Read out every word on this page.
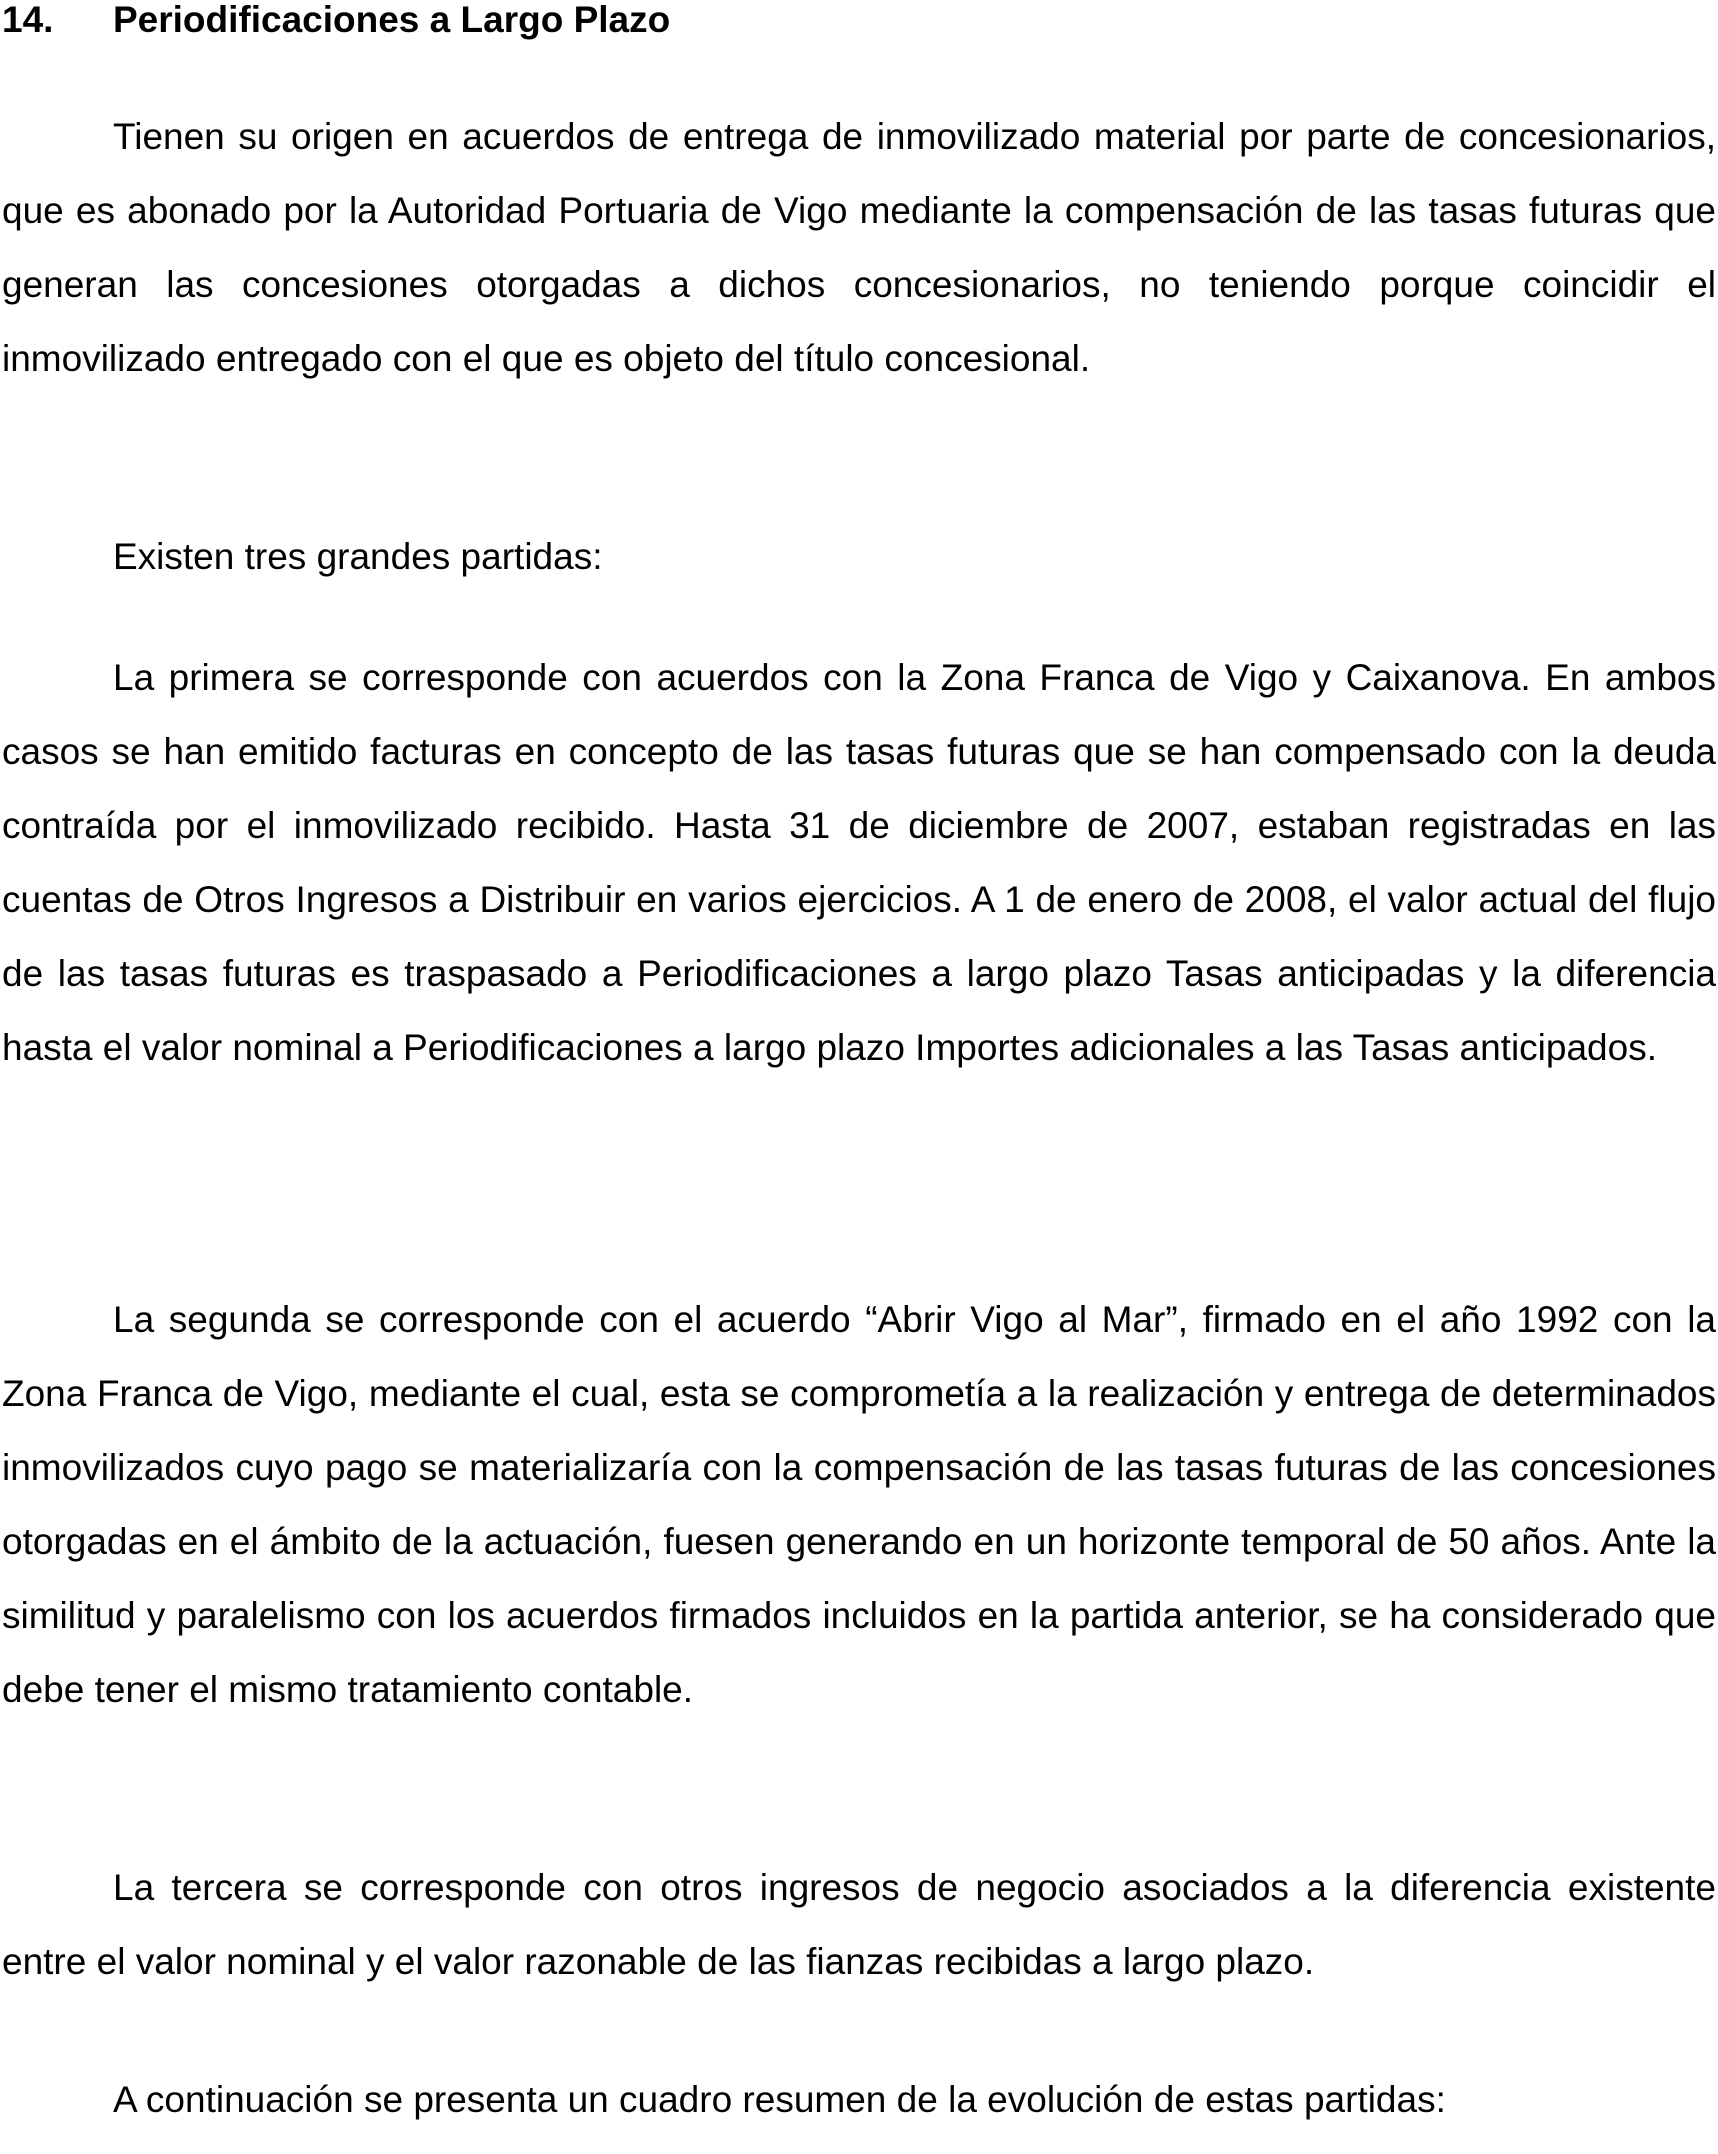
14. Periodificaciones a Largo Plazo

Tienen su origen en acuerdos de entrega de inmovilizado material por parte de concesionarios, que es abonado por la Autoridad Portuaria de Vigo mediante la compensación de las tasas futuras que generan las concesiones otorgadas a dichos concesionarios, no teniendo porque coincidir el inmovilizado entregado con el que es objeto del título concesional.

Existen tres grandes partidas:

La primera se corresponde con acuerdos con la Zona Franca de Vigo y Caixanova. En ambos casos se han emitido facturas en concepto de las tasas futuras que se han compensado con la deuda contraída por el inmovilizado recibido. Hasta 31 de diciembre de 2007, estaban registradas en las cuentas de Otros Ingresos a Distribuir en varios ejercicios. A 1 de enero de 2008, el valor actual del flujo de las tasas futuras es traspasado a Periodificaciones a largo plazo Tasas anticipadas y la diferencia hasta el valor nominal a Periodificaciones a largo plazo Importes adicionales a las Tasas anticipados.

La segunda se corresponde con el acuerdo “Abrir Vigo al Mar”, firmado en el año 1992 con la Zona Franca de Vigo, mediante el cual, esta se comprometía a la realización y entrega de determinados inmovilizados cuyo pago se materializaría con la compensación de las tasas futuras de las concesiones otorgadas en el ámbito de la actuación, fuesen generando en un horizonte temporal de 50 años. Ante la similitud y paralelismo con los acuerdos firmados incluidos en la partida anterior, se ha considerado que debe tener el mismo tratamiento contable.

La tercera se corresponde con otros ingresos de negocio asociados a la diferencia existente entre el valor nominal y el valor razonable de las fianzas recibidas a largo plazo.

A continuación se presenta un cuadro resumen de la evolución de estas partidas:
